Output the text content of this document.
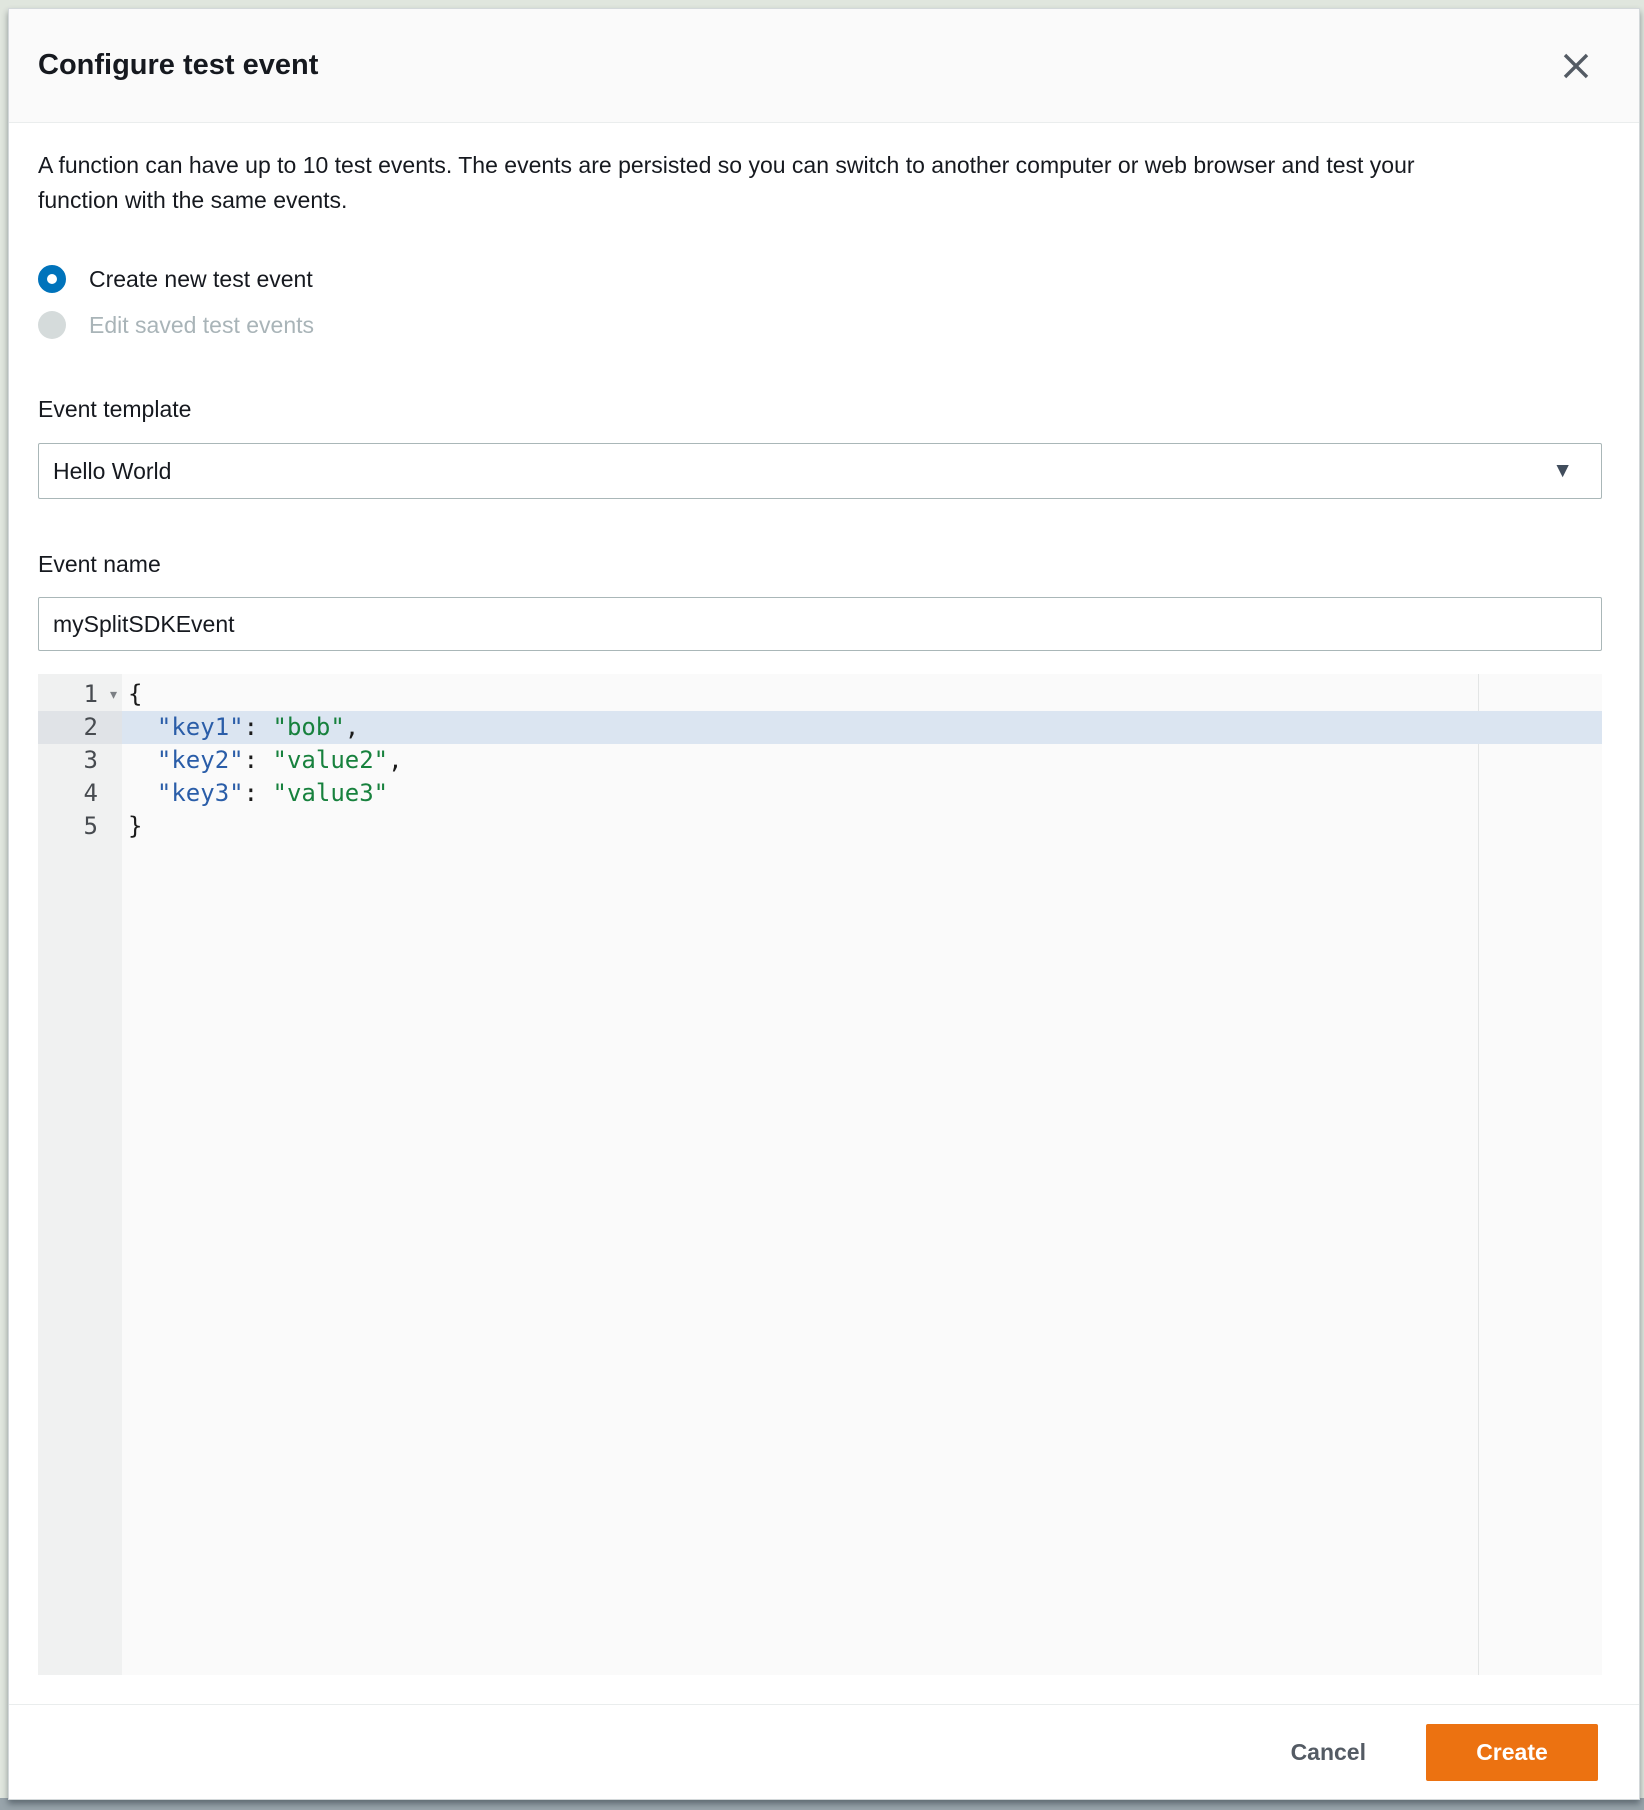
Configure test event

A function can have up to 10 test events. The events are persisted so you can switch to another computer or web browser and test your function with the same events.

Create new test event
Edit saved test events
Event template
Hello World	▼
Event name
mySplitSDKEvent
1 ▾ {
2	"key1": "bob",
3	"key2": "value2",
4	"key3": "value3"
5	}
Cancel	Create
